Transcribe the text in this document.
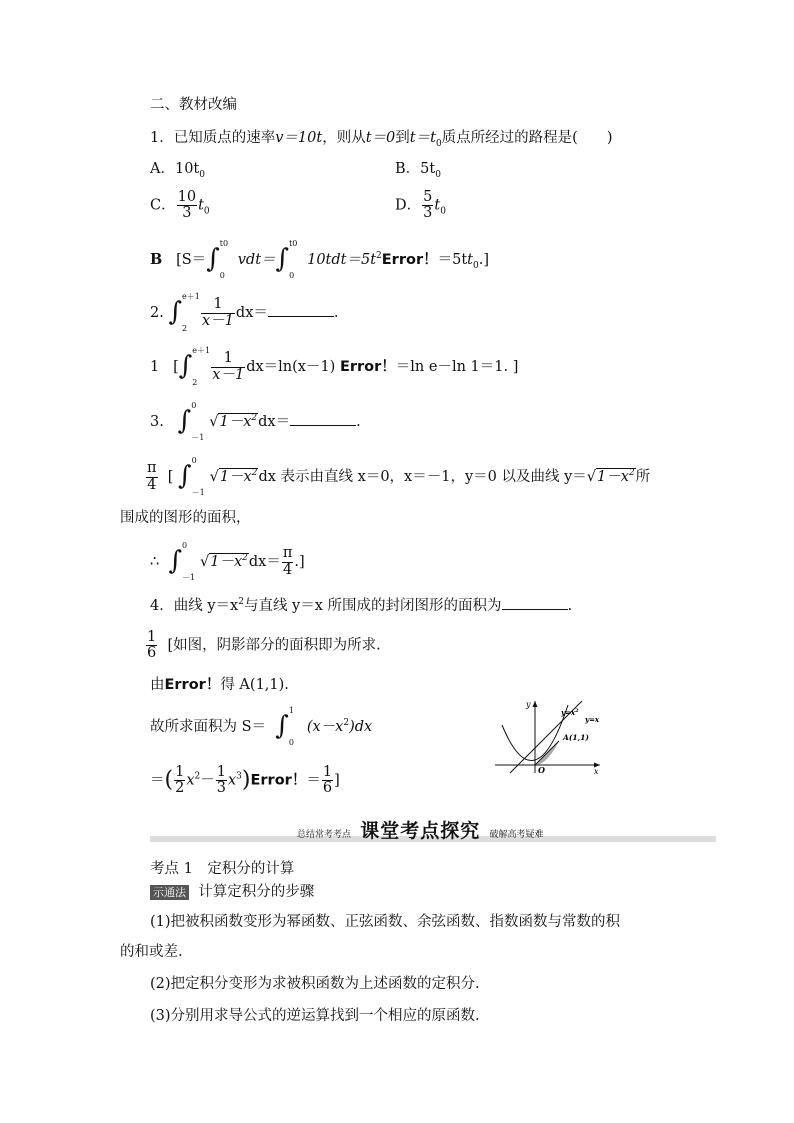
二、教材改编
1．已知质点的速率v＝10t，则从t＝0到$t=t_0$质点所经过的路程是(　　)
A．$10t_0$	B．$5t_0$
C． $\frac{10}{3} t_0$	D． $\frac{5}{3} t_0$
B [S＝∫
t0
0
vdt＝∫
t0
0
$10tdt=5t^2Error$！$=5tt_0$.]
2. ∫
e＋1
$2 \frac{1}{x-1} dx=$	.
1 [∫
e＋1
$2 \frac{1}{x-1} dx=\ln(x-1)$ Error！＝ln e－ln 1＝1. ]
3. ∫
0
－1
$√1-x^2dx=$	.
$\frac{\pi}{4}$ [ ∫
0
－1
$√1-x^2dx$ 表示由直线 x＝0，x＝－1，y＝0 以及曲线 $y=√1-x^2$所
围成的图形的面积，
∴ ∫
0
－1
$√1-x^2dx= \frac{\pi}{4}$ .]
4．曲线 $y=x^2$与直线 y＝x 所围成的封闭图形的面积为	.
$\frac{1}{6}$ [如图，阴影部分的面积即为所求.
由Error！得 A(1,1).
故所求面积为 S＝ ∫
1
0
$(x-x^2)dx$
＝( $\frac{1}{2} x^2- \frac{1}{3}$ $x^3)Error$！＝ $\frac{1}{6}$ ]
y
x
O
$y=x^2$
y=x
A(1,1)
总结常考考点 课堂考点探究 破解高考疑难
考点 1　定积分的计算
示通法 计算定积分的步骤
(1)把被积函数变形为幂函数、正弦函数、余弦函数、指数函数与常数的积
的和或差.
(2)把定积分变形为求被积函数为上述函数的定积分.
(3)分别用求导公式的逆运算找到一个相应的原函数.
